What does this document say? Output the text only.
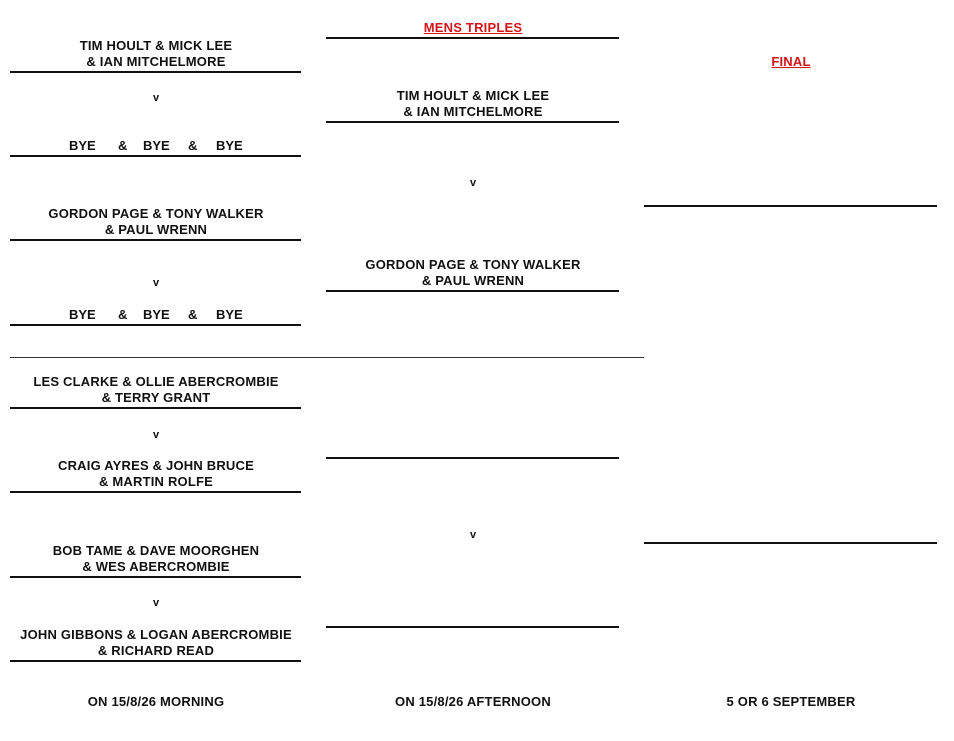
MENS TRIPLES
FINAL
TIM HOULT & MICK LEE
& IAN MITCHELMORE
v
BYE & BYE & BYE
GORDON PAGE & TONY WALKER
& PAUL WRENN
v
BYE & BYE & BYE
LES CLARKE & OLLIE ABERCROMBIE
& TERRY GRANT
v
CRAIG AYRES & JOHN BRUCE
& MARTIN ROLFE
BOB TAME & DAVE MOORGHEN
& WES ABERCROMBIE
v
JOHN GIBBONS & LOGAN ABERCROMBIE
& RICHARD READ
TIM HOULT & MICK LEE
& IAN MITCHELMORE
v
GORDON PAGE & TONY WALKER
& PAUL WRENN
v
ON 15/8/26 MORNING	ON 15/8/26 AFTERNOON	5 OR 6 SEPTEMBER
